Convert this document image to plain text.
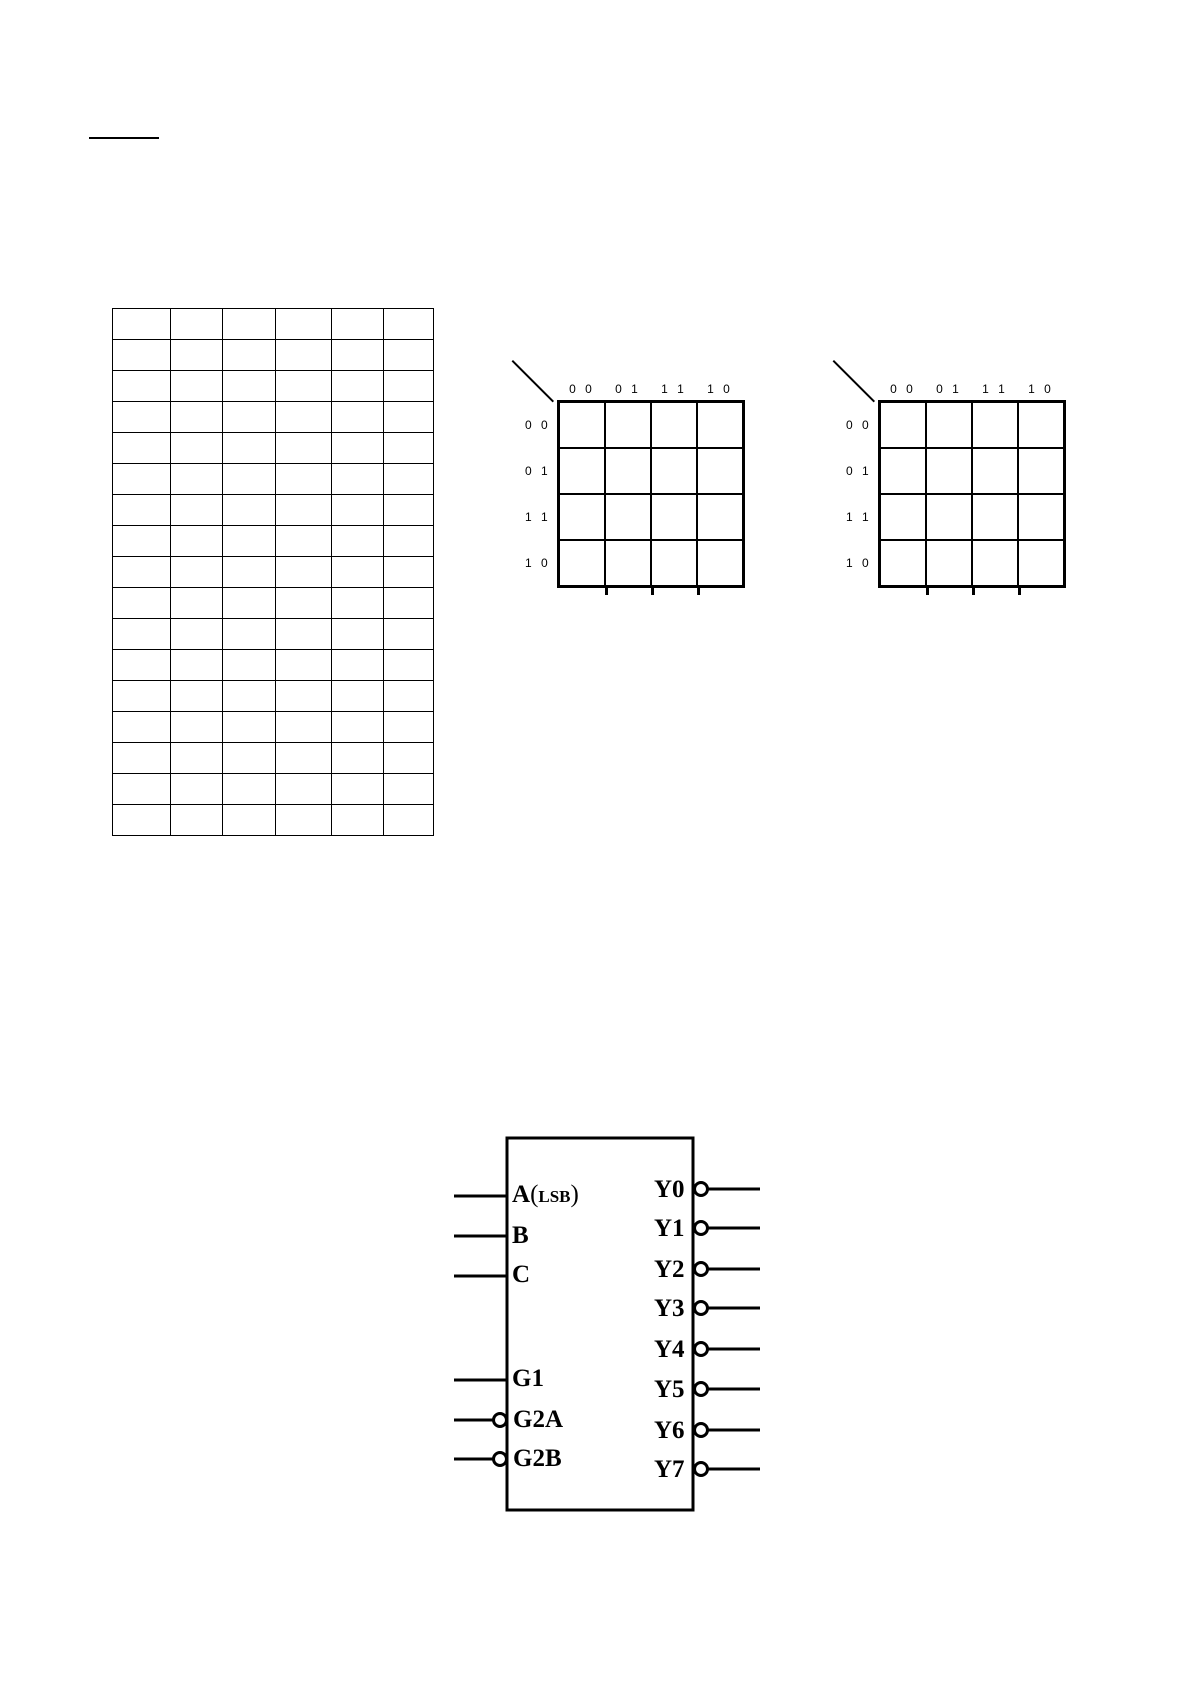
0 0	0 1	1 1	1 0
0 0
0 1
1 1
1 0

0 0	0 1	1 1	1 0
0 0
0 1
1 1
1 0

A(LSB)
B
C
G1
G2A
G2B
Y0
Y1
Y2
Y3
Y4
Y5
Y6
Y7
